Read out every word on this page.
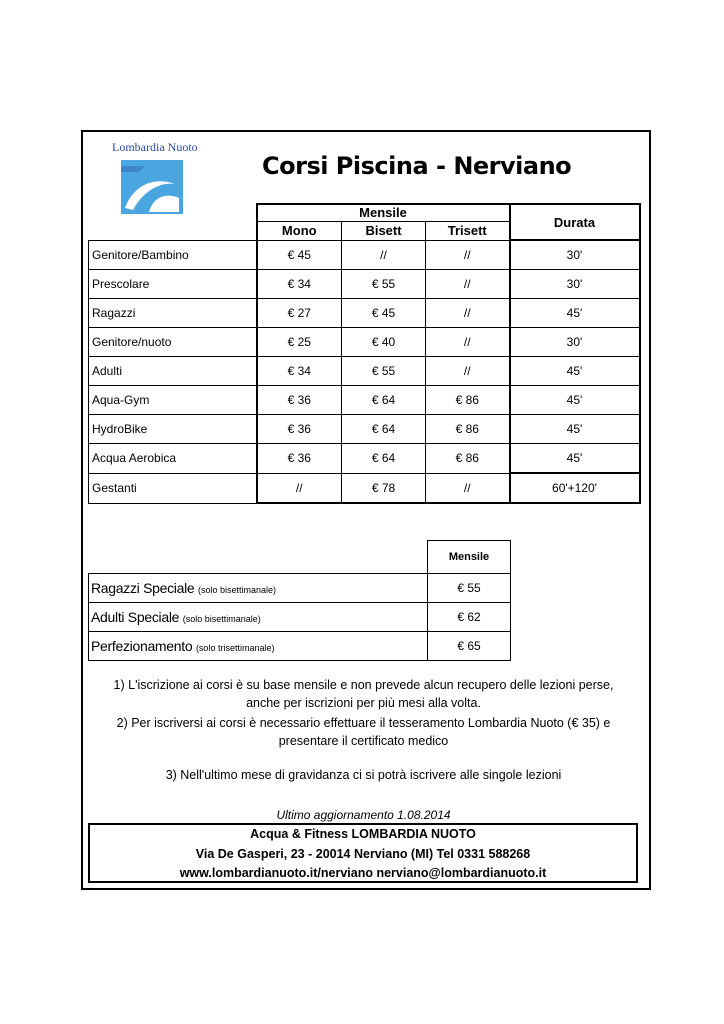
Lombardia Nuoto
Corsi Piscina - Nerviano
	Mensile			Durata
	Mono	Bisett	Trisett	
Genitore/Bambino	€ 45	//	//	30'
Prescolare	€ 34	€ 55	//	30'
Ragazzi	€ 27	€ 45	//	45'
Genitore/nuoto	€ 25	€ 40	//	30'
Adulti	€ 34	€ 55	//	45'
Aqua-Gym	€ 36	€ 64	€ 86	45'
HydroBike	€ 36	€ 64	€ 86	45'
Acqua Aerobica	€ 36	€ 64	€ 86	45'
Gestanti	//	€ 78	//	60'+120'
	Mensile
Ragazzi Speciale (solo bisettimanale)	€ 55
Adulti Speciale (solo bisettimanale)	€ 62
Perfezionamento (solo trisettimanale)	€ 65
1) L'iscrizione ai corsi è su base mensile e non prevede alcun recupero delle lezioni perse,
anche per iscrizioni per più mesi alla volta.
2) Per iscriversi ai corsi è necessario effettuare il tesseramento Lombardia Nuoto (€ 35) e
presentare il certificato medico
3) Nell'ultimo mese di gravidanza ci si potrà iscrivere alle singole lezioni
Ultimo aggiornamento 1.08.2014
Acqua & Fitness LOMBARDIA NUOTO
Via De Gasperi, 23 - 20014 Nerviano (MI) Tel 0331 588268
www.lombardianuoto.it/nerviano nerviano@lombardianuoto.it
